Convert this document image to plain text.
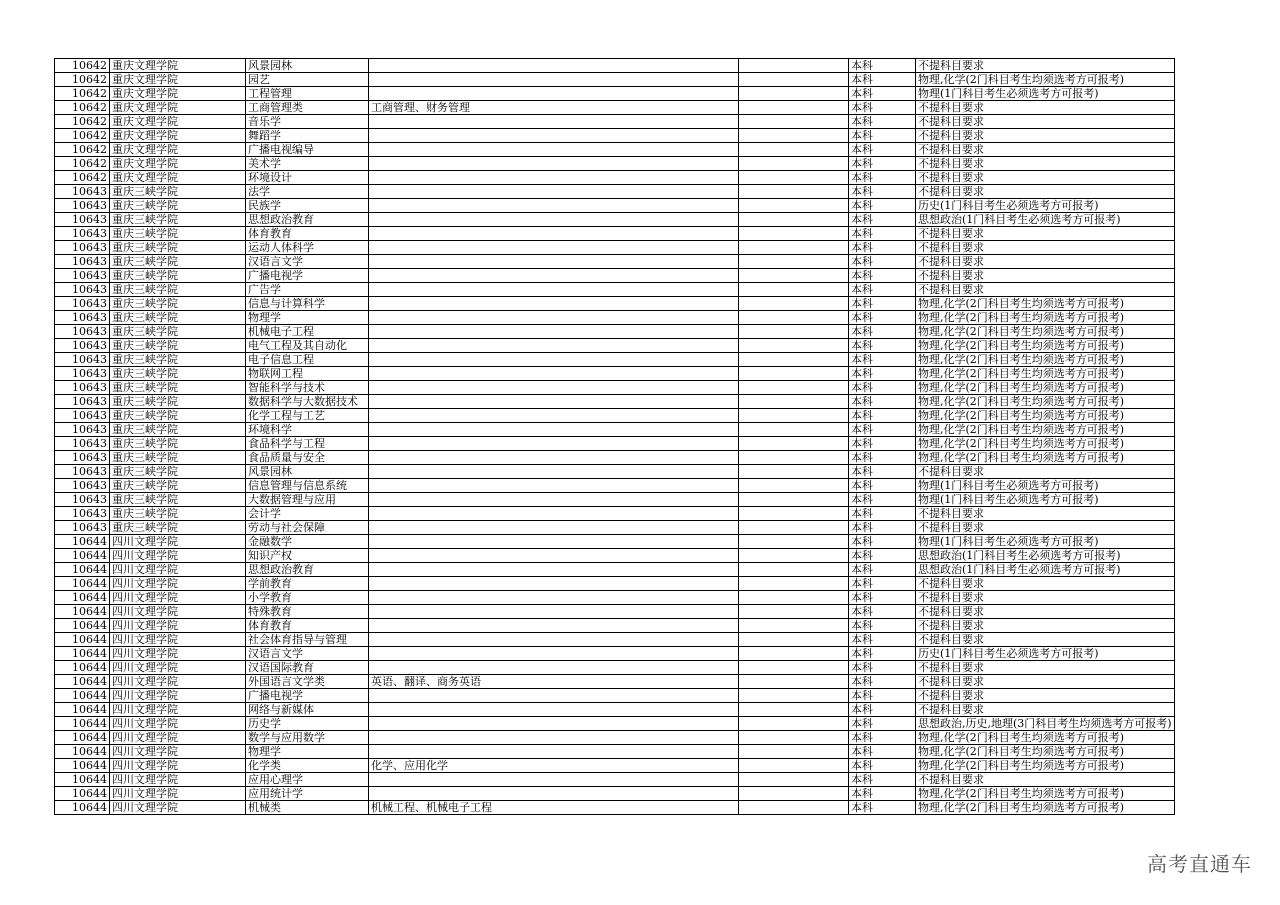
10642	重庆文理学院	风景园林			本科	不提科目要求
10642	重庆文理学院	园艺			本科	物理,化学(2门科目考生均须选考方可报考)
10642	重庆文理学院	工程管理			本科	物理(1门科目考生必须选考方可报考)
10642	重庆文理学院	工商管理类	工商管理、财务管理		本科	不提科目要求
10642	重庆文理学院	音乐学			本科	不提科目要求
10642	重庆文理学院	舞蹈学			本科	不提科目要求
10642	重庆文理学院	广播电视编导			本科	不提科目要求
10642	重庆文理学院	美术学			本科	不提科目要求
10642	重庆文理学院	环境设计			本科	不提科目要求
10643	重庆三峡学院	法学			本科	不提科目要求
10643	重庆三峡学院	民族学			本科	历史(1门科目考生必须选考方可报考)
10643	重庆三峡学院	思想政治教育			本科	思想政治(1门科目考生必须选考方可报考)
10643	重庆三峡学院	体育教育			本科	不提科目要求
10643	重庆三峡学院	运动人体科学			本科	不提科目要求
10643	重庆三峡学院	汉语言文学			本科	不提科目要求
10643	重庆三峡学院	广播电视学			本科	不提科目要求
10643	重庆三峡学院	广告学			本科	不提科目要求
10643	重庆三峡学院	信息与计算科学			本科	物理,化学(2门科目考生均须选考方可报考)
10643	重庆三峡学院	物理学			本科	物理,化学(2门科目考生均须选考方可报考)
10643	重庆三峡学院	机械电子工程			本科	物理,化学(2门科目考生均须选考方可报考)
10643	重庆三峡学院	电气工程及其自动化			本科	物理,化学(2门科目考生均须选考方可报考)
10643	重庆三峡学院	电子信息工程			本科	物理,化学(2门科目考生均须选考方可报考)
10643	重庆三峡学院	物联网工程			本科	物理,化学(2门科目考生均须选考方可报考)
10643	重庆三峡学院	智能科学与技术			本科	物理,化学(2门科目考生均须选考方可报考)
10643	重庆三峡学院	数据科学与大数据技术			本科	物理,化学(2门科目考生均须选考方可报考)
10643	重庆三峡学院	化学工程与工艺			本科	物理,化学(2门科目考生均须选考方可报考)
10643	重庆三峡学院	环境科学			本科	物理,化学(2门科目考生均须选考方可报考)
10643	重庆三峡学院	食品科学与工程			本科	物理,化学(2门科目考生均须选考方可报考)
10643	重庆三峡学院	食品质量与安全			本科	物理,化学(2门科目考生均须选考方可报考)
10643	重庆三峡学院	风景园林			本科	不提科目要求
10643	重庆三峡学院	信息管理与信息系统			本科	物理(1门科目考生必须选考方可报考)
10643	重庆三峡学院	大数据管理与应用			本科	物理(1门科目考生必须选考方可报考)
10643	重庆三峡学院	会计学			本科	不提科目要求
10643	重庆三峡学院	劳动与社会保障			本科	不提科目要求
10644	四川文理学院	金融数学			本科	物理(1门科目考生必须选考方可报考)
10644	四川文理学院	知识产权			本科	思想政治(1门科目考生必须选考方可报考)
10644	四川文理学院	思想政治教育			本科	思想政治(1门科目考生必须选考方可报考)
10644	四川文理学院	学前教育			本科	不提科目要求
10644	四川文理学院	小学教育			本科	不提科目要求
10644	四川文理学院	特殊教育			本科	不提科目要求
10644	四川文理学院	体育教育			本科	不提科目要求
10644	四川文理学院	社会体育指导与管理			本科	不提科目要求
10644	四川文理学院	汉语言文学			本科	历史(1门科目考生必须选考方可报考)
10644	四川文理学院	汉语国际教育			本科	不提科目要求
10644	四川文理学院	外国语言文学类	英语、翻译、商务英语		本科	不提科目要求
10644	四川文理学院	广播电视学			本科	不提科目要求
10644	四川文理学院	网络与新媒体			本科	不提科目要求
10644	四川文理学院	历史学			本科	思想政治,历史,地理(3门科目考生均须选考方可报考)
10644	四川文理学院	数学与应用数学			本科	物理,化学(2门科目考生均须选考方可报考)
10644	四川文理学院	物理学			本科	物理,化学(2门科目考生均须选考方可报考)
10644	四川文理学院	化学类	化学、应用化学		本科	物理,化学(2门科目考生均须选考方可报考)
10644	四川文理学院	应用心理学			本科	不提科目要求
10644	四川文理学院	应用统计学			本科	物理,化学(2门科目考生均须选考方可报考)
10644	四川文理学院	机械类	机械工程、机械电子工程		本科	物理,化学(2门科目考生均须选考方可报考)
高考直通车
